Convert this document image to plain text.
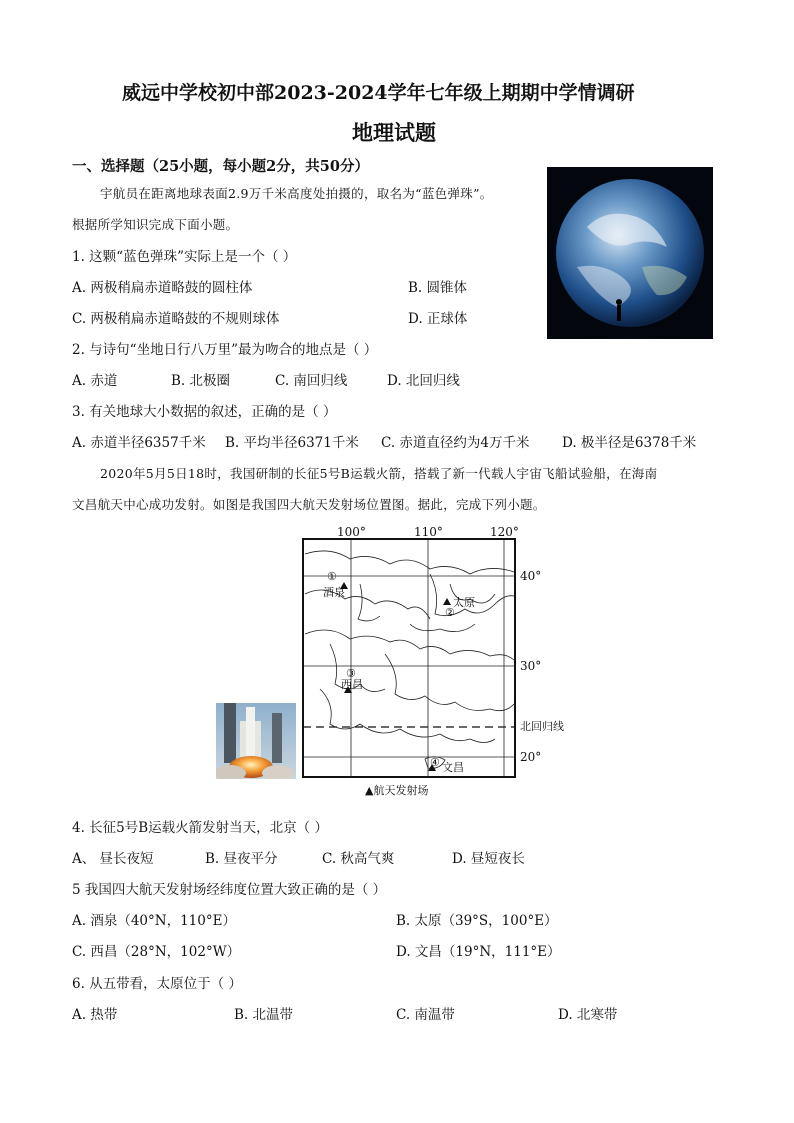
威远中学校初中部2023-2024学年七年级上期期中学情调研
地理试题
一、选择题（25小题，每小题2分，共50分）
宇航员在距离地球表面2.9万千米高度处拍摄的，取名为“蓝色弹珠”。
根据所学知识完成下面小题。
1. 这颗“蓝色弹珠”实际上是一个（ ）
A. 两极稍扁赤道略鼓的圆柱体	B. 圆锥体
C. 两极稍扁赤道略鼓的不规则球体	D. 正球体
2. 与诗句“坐地日行八万里”最为吻合的地点是（ ）
A. 赤道	B. 北极圈	C. 南回归线	D. 北回归线
3. 有关地球大小数据的叙述，正确的是（ ）
A. 赤道半径6357千米 B. 平均半径6371千米 C. 赤道直径约为4万千米 D. 极半径是6378千米
2020年5月5日18时，我国研制的长征5号B运载火箭，搭载了新一代载人宇宙飞船试验船，在海南
文昌航天中心成功发射。如图是我国四大航天发射场位置图。据此，完成下列小题。
100°	110°	120°
40°
30°
20°
北回归线
①
酒泉
太原
②
③
西昌
④ 文昌
▲航天发射场
4. 长征5号B运载火箭发射当天，北京（ ）
A、 昼长夜短	B. 昼夜平分	C. 秋高气爽	D. 昼短夜长
5 我国四大航天发射场经纬度位置大致正确的是（ ）
A. 酒泉（40°N，110°E）	B. 太原（39°S，100°E）
C. 西昌（28°N，102°W）	D. 文昌（19°N，111°E）
6. 从五带看，太原位于（ ）
A. 热带	B. 北温带	C. 南温带	D. 北寒带
